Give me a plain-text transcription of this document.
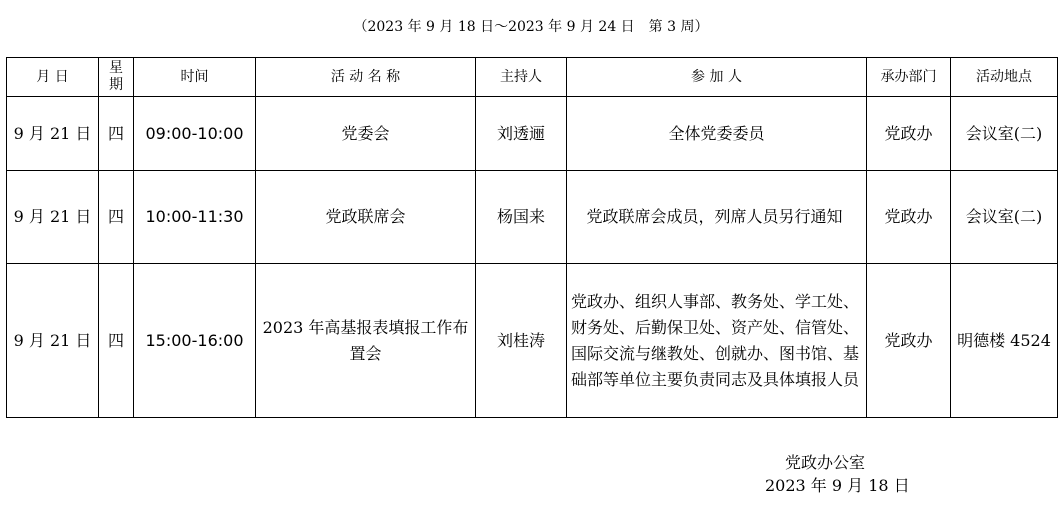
（2023 年 9 月 18 日～2023 年 9 月 24 日　第 3 周）
月 日	星期	时间	活 动 名 称	主持人	参 加 人	承办部门	活动地点
9 月 21 日	四	09:00-10:00	党委会	刘透逦	全体党委委员	党政办	会议室(二)
9 月 21 日	四	10:00-11:30	党政联席会	杨国来	党政联席会成员，列席人员另行通知	党政办	会议室(二)
9 月 21 日	四	15:00-16:00	2023 年高基报表填报工作布置会	刘桂涛	党政办、组织人事部、教务处、学工处、财务处、后勤保卫处、资产处、信管处、国际交流与继教处、创就办、图书馆、基础部等单位主要负责同志及具体填报人员	党政办	明德楼 4524
党政办公室
2023 年 9 月 18 日
